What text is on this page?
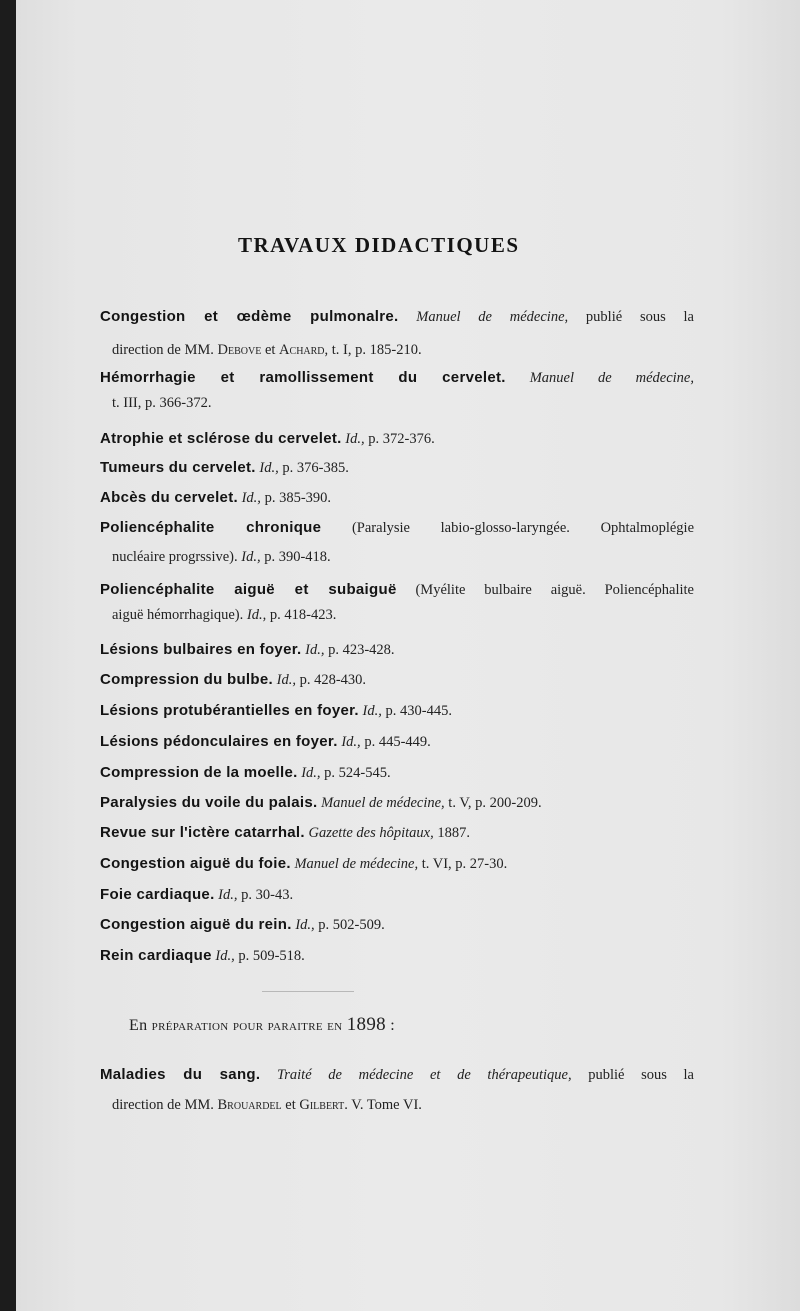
TRAVAUX DIDACTIQUES
Congestion et œdème pulmonalre. Manuel de médecine, publié sous la
direction de MM. Debove et Achard, t. I, p. 185-210.
Hémorrhagie et ramollissement du cervelet. Manuel de médecine,
t. III, p. 366-372.
Atrophie et sclérose du cervelet. Id., p. 372-376.
Tumeurs du cervelet. Id., p. 376-385.
Abcès du cervelet. Id., p. 385-390.
Poliencéphalite chronique (Paralysie labio-glosso-laryngée. Ophtalmoplégie
nucléaire progrssive). Id., p. 390-418.
Poliencéphalite aiguë et subaiguë (Myélite bulbaire aiguë. Poliencéphalite
aiguë hémorrhagique). Id., p. 418-423.
Lésions bulbaires en foyer. Id., p. 423-428.
Compression du bulbe. Id., p. 428-430.
Lésions protubérantielles en foyer. Id., p. 430-445.
Lésions pédonculaires en foyer. Id., p. 445-449.
Compression de la moelle. Id., p. 524-545.
Paralysies du voile du palais. Manuel de médecine, t. V, p. 200-209.
Revue sur l'ictère catarrhal. Gazette des hôpitaux, 1887.
Congestion aiguë du foie. Manuel de médecine, t. VI, p. 27-30.
Foie cardiaque. Id., p. 30-43.
Congestion aiguë du rein. Id., p. 502-509.
Rein cardiaque Id., p. 509-518.
Maladies du sang. Traité de médecine et de thérapeutique, publié sous la
direction de MM. Brouardel et Gilbert. V. Tome VI.
En préparation pour paraitre en 1898 :
